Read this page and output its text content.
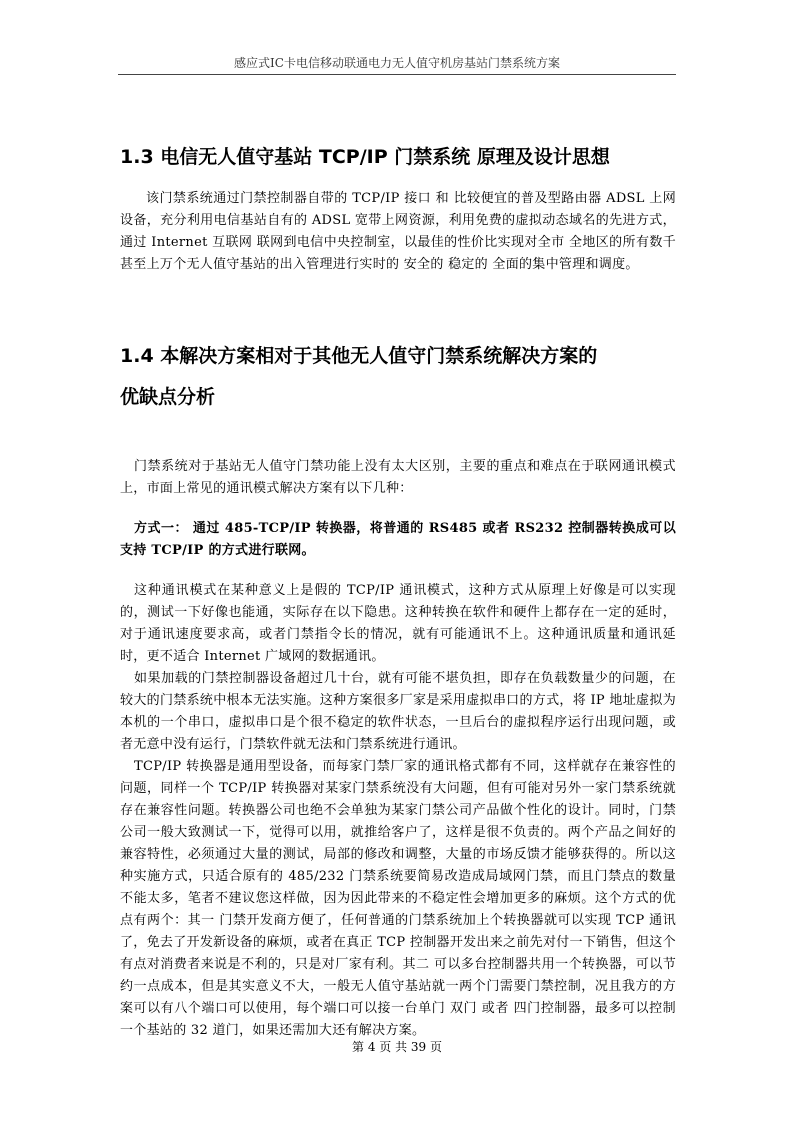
感应式IC卡电信移动联通电力无人值守机房基站门禁系统方案
1.3 电信无人值守基站 TCP/IP 门禁系统 原理及设计思想

该门禁系统通过门禁控制器自带的 TCP/IP 接口 和 比较便宜的普及型路由器 ADSL 上网设备，充分利用电信基站自有的 ADSL 宽带上网资源，利用免费的虚拟动态域名的先进方式，通过 Internet 互联网 联网到电信中央控制室，以最佳的性价比实现对全市 全地区的所有数千甚至上万个无人值守基站的出入管理进行实时的 安全的 稳定的 全面的集中管理和调度。

1.4 本解决方案相对于其他无人值守门禁系统解决方案的
优缺点分析

门禁系统对于基站无人值守门禁功能上没有太大区别，主要的重点和难点在于联网通讯模式上，市面上常见的通讯模式解决方案有以下几种：

方式一： 通过 485-TCP/IP 转换器，将普通的 RS485 或者 RS232 控制器转换成可以支持 TCP/IP 的方式进行联网。

这种通讯模式在某种意义上是假的 TCP/IP 通讯模式，这种方式从原理上好像是可以实现的，测试一下好像也能通，实际存在以下隐患。这种转换在软件和硬件上都存在一定的延时，对于通讯速度要求高，或者门禁指令长的情况，就有可能通讯不上。这种通讯质量和通讯延时，更不适合 Internet 广域网的数据通讯。

如果加载的门禁控制器设备超过几十台，就有可能不堪负担，即存在负载数量少的问题，在较大的门禁系统中根本无法实施。这种方案很多厂家是采用虚拟串口的方式，将 IP 地址虚拟为本机的一个串口，虚拟串口是个很不稳定的软件状态，一旦后台的虚拟程序运行出现问题，或者无意中没有运行，门禁软件就无法和门禁系统进行通讯。

TCP/IP 转换器是通用型设备，而每家门禁厂家的通讯格式都有不同，这样就存在兼容性的问题，同样一个 TCP/IP 转换器对某家门禁系统没有大问题，但有可能对另外一家门禁系统就存在兼容性问题。转换器公司也绝不会单独为某家门禁公司产品做个性化的设计。同时，门禁公司一般大致测试一下，觉得可以用，就推给客户了，这样是很不负责的。两个产品之间好的兼容特性，必须通过大量的测试，局部的修改和调整，大量的市场反馈才能够获得的。所以这种实施方式，只适合原有的 485/232 门禁系统要简易改造成局域网门禁，而且门禁点的数量不能太多，笔者不建议您这样做，因为因此带来的不稳定性会增加更多的麻烦。这个方式的优点有两个：其一 门禁开发商方便了，任何普通的门禁系统加上个转换器就可以实现 TCP 通讯了，免去了开发新设备的麻烦，或者在真正 TCP 控制器开发出来之前先对付一下销售，但这个有点对消费者来说是不利的，只是对厂家有利。其二 可以多台控制器共用一个转换器，可以节约一点成本，但是其实意义不大，一般无人值守基站就一两个门需要门禁控制，况且我方的方案可以有八个端口可以使用，每个端口可以接一台单门 双门 或者 四门控制器，最多可以控制一个基站的 32 道门，如果还需加大还有解决方案。

第 4 页 共 39 页
